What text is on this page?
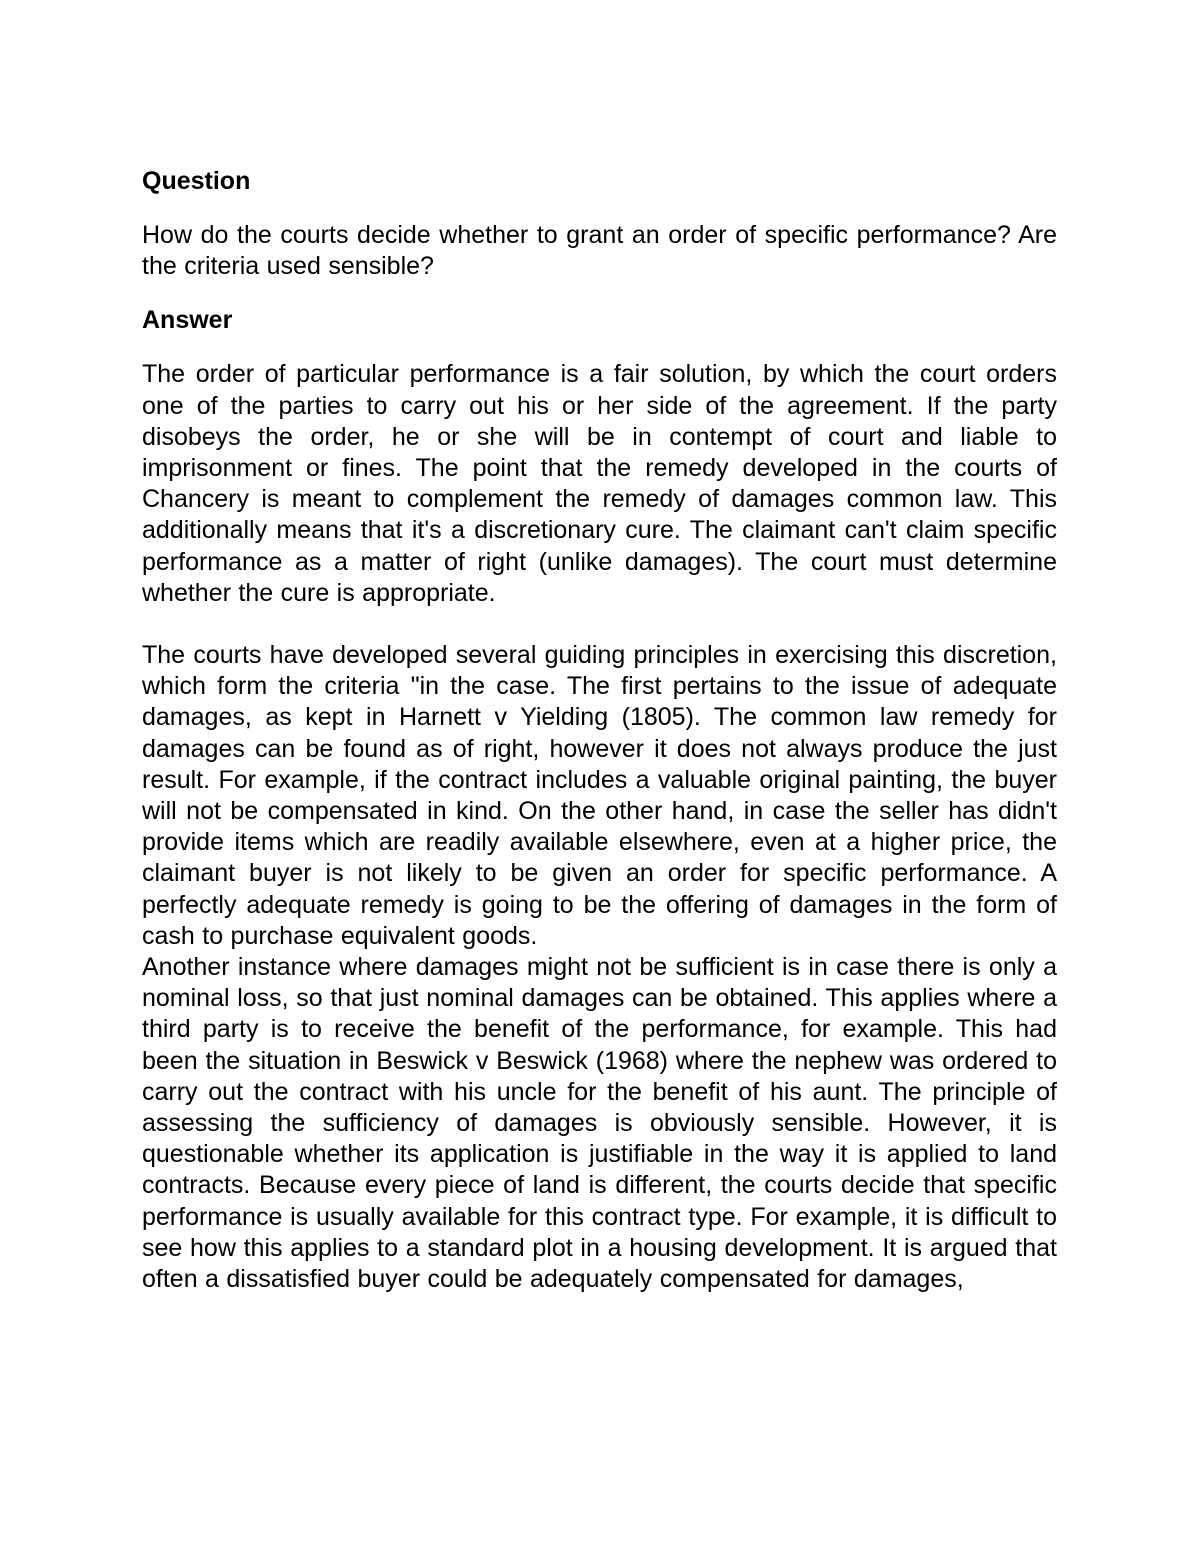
Question

How do the courts decide whether to grant an order of specific performance? Are the criteria used sensible?

Answer

The order of particular performance is a fair solution, by which the court orders one of the parties to carry out his or her side of the agreement. If the party disobeys the order, he or she will be in contempt of court and liable to imprisonment or fines. The point that the remedy developed in the courts of Chancery is meant to complement the remedy of damages common law. This additionally means that it's a discretionary cure. The claimant can't claim specific performance as a matter of right (unlike damages). The court must determine whether the cure is appropriate.

The courts have developed several guiding principles in exercising this discretion, which form the criteria "in the case. The first pertains to the issue of adequate damages, as kept in Harnett v Yielding (1805). The common law remedy for damages can be found as of right, however it does not always produce the just result. For example, if the contract includes a valuable original painting, the buyer will not be compensated in kind. On the other hand, in case the seller has didn't provide items which are readily available elsewhere, even at a higher price, the claimant buyer is not likely to be given an order for specific performance. A perfectly adequate remedy is going to be the offering of damages in the form of cash to purchase equivalent goods.

Another instance where damages might not be sufficient is in case there is only a nominal loss, so that just nominal damages can be obtained. This applies where a third party is to receive the benefit of the performance, for example. This had been the situation in Beswick v Beswick (1968) where the nephew was ordered to carry out the contract with his uncle for the benefit of his aunt. The principle of assessing the sufficiency of damages is obviously sensible. However, it is questionable whether its application is justifiable in the way it is applied to land contracts. Because every piece of land is different, the courts decide that specific performance is usually available for this contract type. For example, it is difficult to see how this applies to a standard plot in a housing development. It is argued that often a dissatisfied buyer could be adequately compensated for damages,
